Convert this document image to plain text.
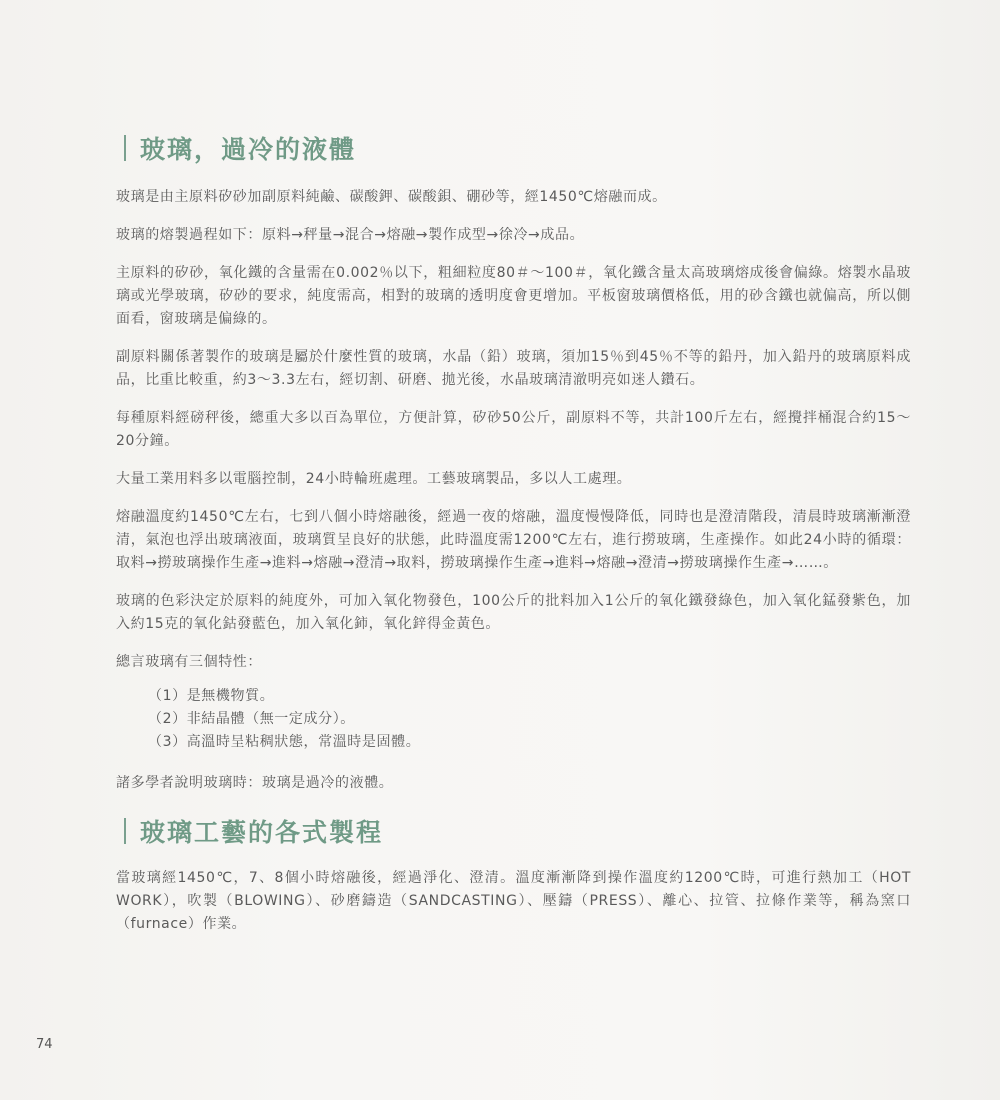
玻璃，過冷的液體

玻璃是由主原料矽砂加副原料純鹼、碳酸鉀、碳酸鋇、硼砂等，經1450℃熔融而成。

玻璃的熔製過程如下：原料→秤量→混合→熔融→製作成型→徐冷→成品。

主原料的矽砂，氧化鐵的含量需在0.002％以下，粗細粒度80＃～100＃，氧化鐵含量太高玻璃熔成後會偏綠。熔製水晶玻璃或光學玻璃，矽砂的要求，純度需高，相對的玻璃的透明度會更增加。平板窗玻璃價格低，用的砂含鐵也就偏高，所以側面看，窗玻璃是偏綠的。

副原料關係著製作的玻璃是屬於什麼性質的玻璃，水晶（鉛）玻璃，須加15％到45％不等的鉛丹，加入鉛丹的玻璃原料成品，比重比較重，約3～3.3左右，經切割、研磨、拋光後，水晶玻璃清澈明亮如迷人鑽石。

每種原料經磅秤後，總重大多以百為單位，方便計算，矽砂50公斤，副原料不等，共計100斤左右，經攪拌桶混合約15～20分鐘。

大量工業用料多以電腦控制，24小時輪班處理。工藝玻璃製品，多以人工處理。

熔融溫度約1450℃左右，七到八個小時熔融後，經過一夜的熔融，溫度慢慢降低，同時也是澄清階段，清晨時玻璃漸漸澄清，氣泡也浮出玻璃液面，玻璃質呈良好的狀態，此時溫度需1200℃左右，進行撈玻璃，生產操作。如此24小時的循環：取料→撈玻璃操作生產→進料→熔融→澄清→取料，撈玻璃操作生產→進料→熔融→澄清→撈玻璃操作生產→……。

玻璃的色彩決定於原料的純度外，可加入氧化物發色，100公斤的批料加入1公斤的氧化鐵發綠色，加入氧化錳發紫色，加入約15克的氧化鈷發藍色，加入氧化鈰，氧化鋅得金黃色。

總言玻璃有三個特性：

（1）是無機物質。
（2）非結晶體（無一定成分）。
（3）高溫時呈粘稠狀態，常溫時是固體。

諸多學者說明玻璃時：玻璃是過冷的液體。

玻璃工藝的各式製程

當玻璃經1450℃，7、8個小時熔融後，經過淨化、澄清。溫度漸漸降到操作溫度約1200℃時，可進行熱加工（HOT WORK），吹製（BLOWING）、砂磨鑄造（SANDCASTING）、壓鑄（PRESS）、離心、拉管、拉條作業等，稱為窯口（furnace）作業。

74
